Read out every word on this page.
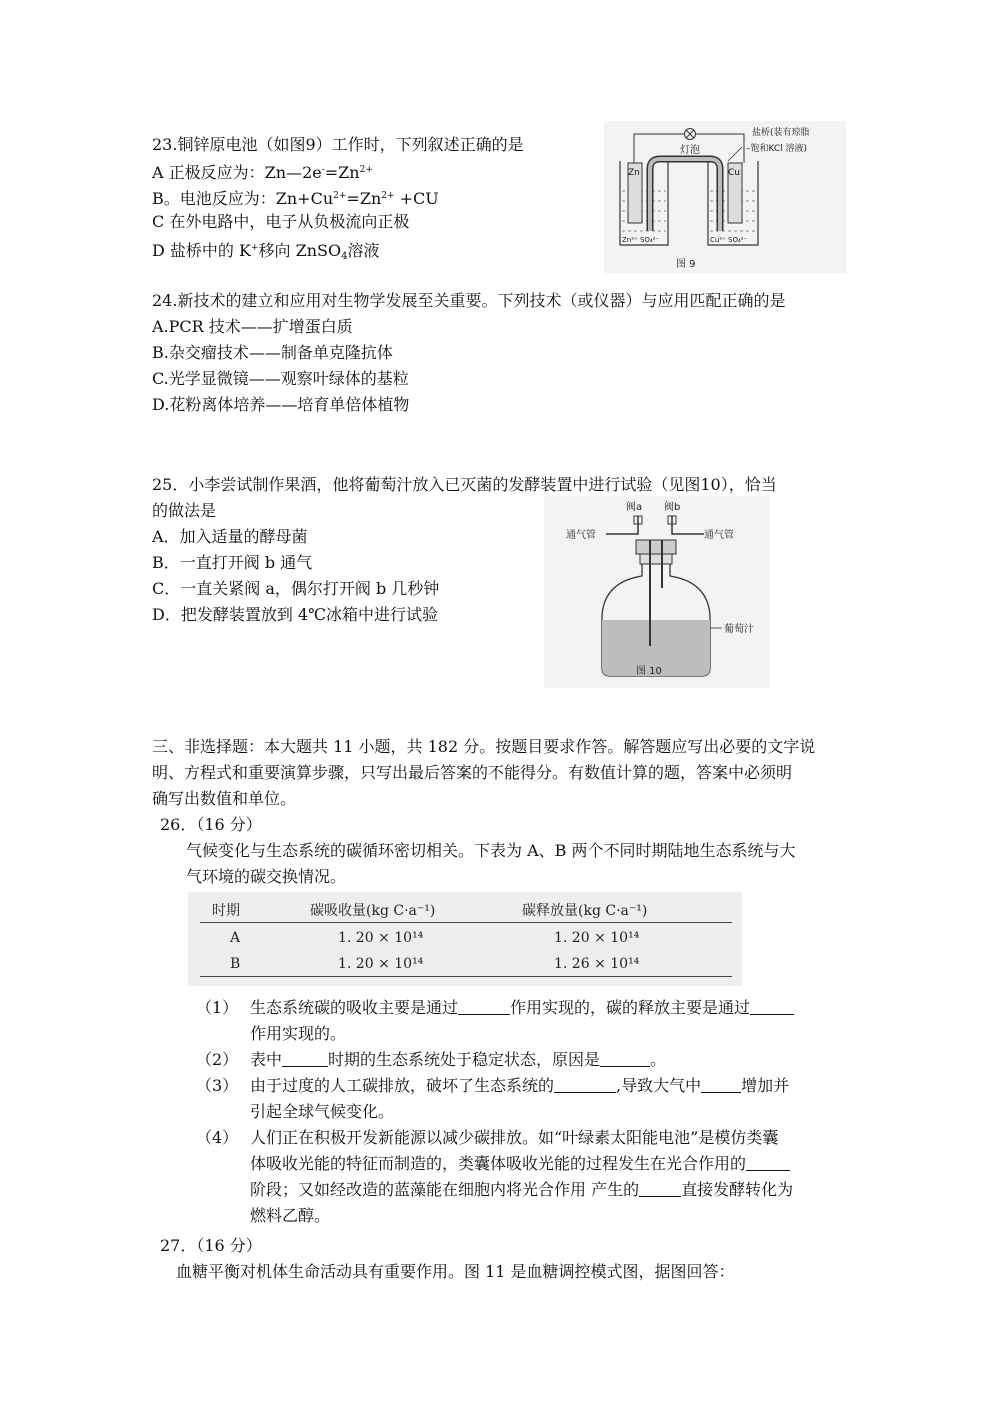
23.铜锌原电池（如图9）工作时，下列叙述正确的是
A 正极反应为：$Zn—2e^-=Zn^{2+}$
B。电池反应为：$Zn+Cu^{2+}=Zn^{2+} +CU$
C 在外电路中，电子从负极流向正极
D 盐桥中的 K+移向 ZnSO$_4$溶液
灯泡
盐桥(装有琼脂
–饱和KCl 溶液)
Zn	Cu
Zn²⁺ SO₄²⁻	Cu²⁺ SO₄²⁻
图 9
24.新技术的建立和应用对生物学发展至关重要。下列技术（或仪器）与应用匹配正确的是
A.PCR 技术——扩增蛋白质
B.杂交瘤技术——制备单克隆抗体
C.光学显微镜——观察叶绿体的基粒
D.花粉离体培养——培育单倍体植物
25．小李尝试制作果酒，他将葡萄汁放入已灭菌的发酵装置中进行试验（见图10），恰当
的做法是
A．加入适量的酵母菌
B．一直打开阀 b 通气
C．一直关紧阀 a，偶尔打开阀 b 几秒钟
D．把发酵装置放到 4℃冰箱中进行试验
阀a 阀b
通气管	通气管
葡萄汁
图 10
三、非选择题：本大题共 11 小题，共 182 分。按题目要求作答。解答题应写出必要的文字说
明、方程式和重要演算步骤，只写出最后答案的不能得分。有数值计算的题，答案中必须明
确写出数值和单位。
26．（16 分）
气候变化与生态系统的碳循环密切相关。下表为 A、B 两个不同时期陆地生态系统与大
气环境的碳交换情况。
时期	碳吸收量(kg C·a⁻¹)	碳释放量(kg C·a⁻¹)
A	1. 20 × 10¹⁴	1. 20 × 10¹⁴
B	1. 20 × 10¹⁴	1. 26 × 10¹⁴
（1） 生态系统碳的吸收主要是通过	作用实现的，碳的释放主要是通过
作用实现的。
（2） 表中	时期的生态系统处于稳定状态，原因是	。
（3） 由于过度的人工碳排放，破坏了生态系统的	,导致大气中	增加并
引起全球气候变化。
（4） 人们正在积极开发新能源以减少碳排放。如“叶绿素太阳能电池”是模仿类囊
体吸收光能的特征而制造的，类囊体吸收光能的过程发生在光合作用的
阶段；又如经改造的蓝藻能在细胞内将光合作用 产生的	直接发酵转化为
燃料乙醇。
27．（16 分）
血糖平衡对机体生命活动具有重要作用。图 11 是血糖调控模式图，据图回答：
